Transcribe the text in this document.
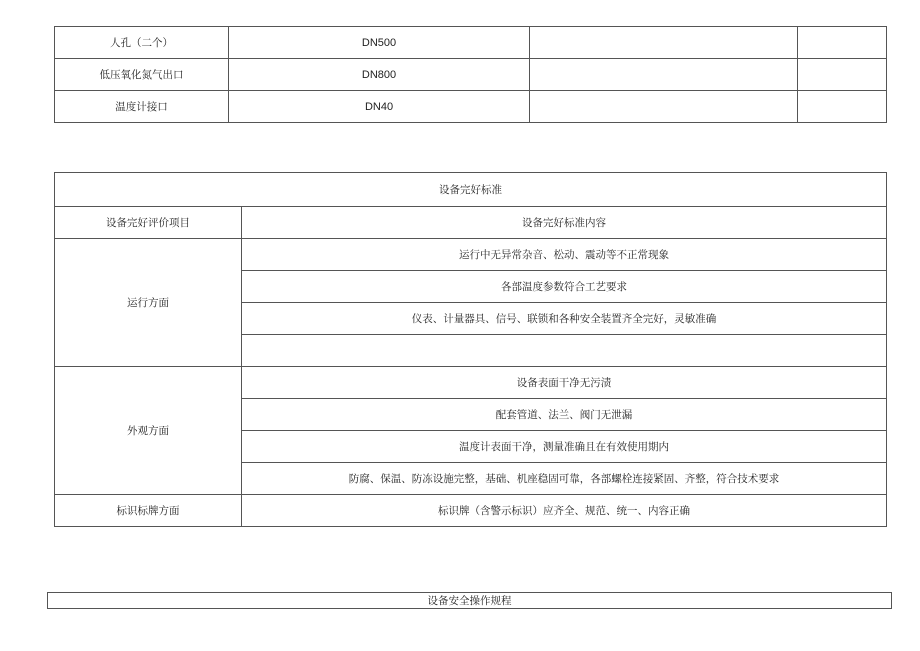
人孔（二个）	DN500		
低压氧化氮气出口	DN800		
温度计接口	DN40		
设备完好标准	
设备完好评价项目	设备完好标准内容
运行方面	运行中无异常杂音、松动、震动等不正常现象
	各部温度参数符合工艺要求
	仪表、计量器具、信号、联锁和各种安全装置齐全完好，灵敏准确

外观方面	设备表面干净无污渍
	配套管道、法兰、阀门无泄漏
	温度计表面干净，测量准确且在有效使用期内
	防腐、保温、防冻设施完整，基础、机座稳固可靠，各部螺栓连接紧固、齐整，符合技术要求
标识标牌方面	标识牌（含警示标识）应齐全、规范、统一、内容正确
设备安全操作规程
